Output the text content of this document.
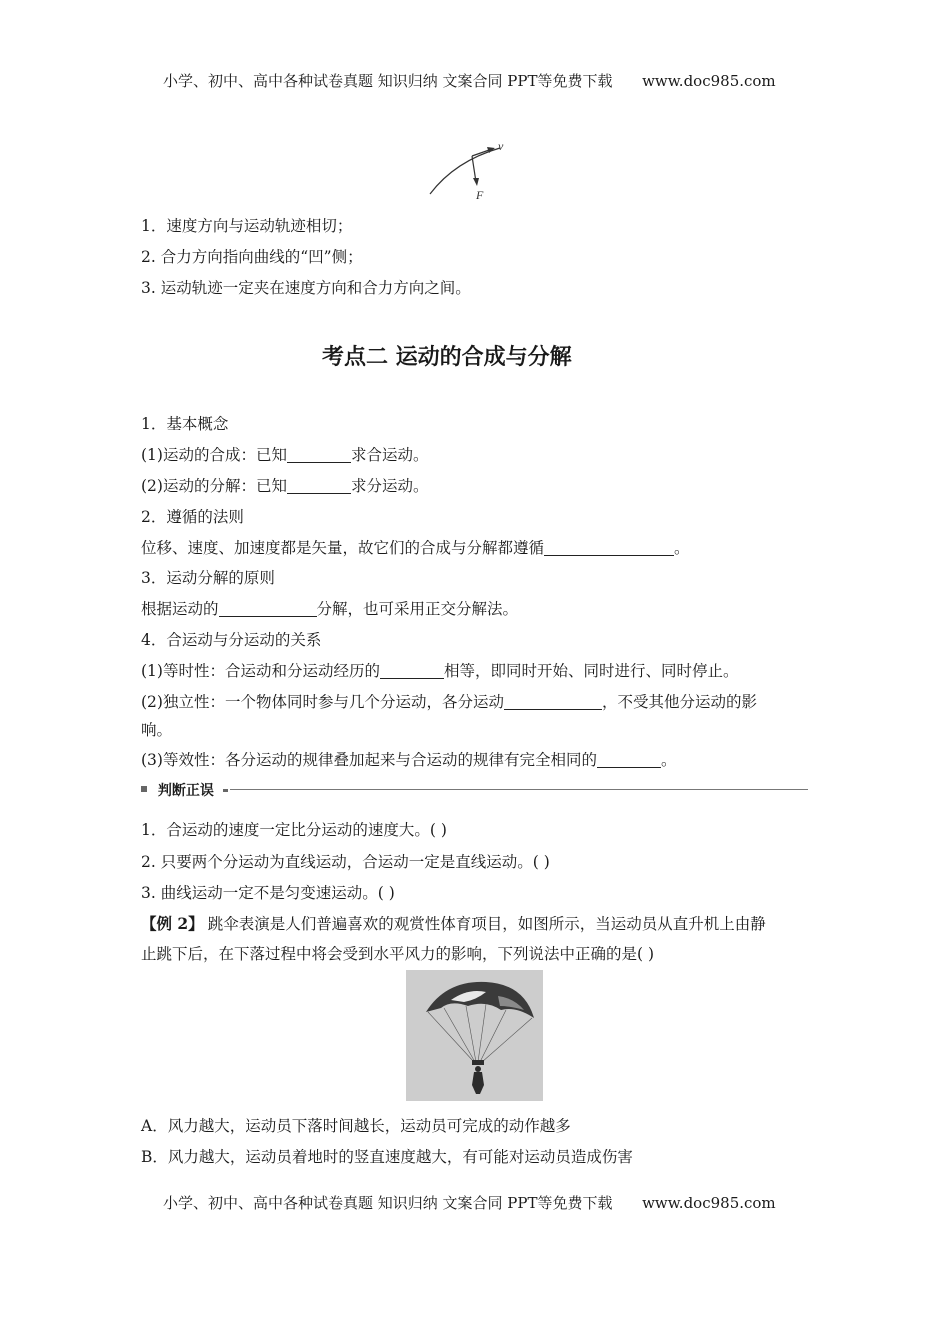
小学、初中、高中各种试卷真题 知识归纳 文案合同 PPT等免费下载 www.doc985.com
v
F
1．速度方向与运动轨迹相切；
2. 合力方向指向曲线的“凹”侧；
3. 运动轨迹一定夹在速度方向和合力方向之间。
考点二 运动的合成与分解
1．基本概念
(1)运动的合成：已知	求合运动。
(2)运动的分解：已知	求分运动。
2．遵循的法则
位移、速度、加速度都是矢量，故它们的合成与分解都遵循	。
3．运动分解的原则
根据运动的	分解，也可采用正交分解法。
4．合运动与分运动的关系
(1)等时性：合运动和分运动经历的	相等，即同时开始、同时进行、同时停止。
(2)独立性：一个物体同时参与几个分运动，各分运动	，不受其他分运动的影
响。
(3)等效性：各分运动的规律叠加起来与合运动的规律有完全相同的	。
判断正误
1．合运动的速度一定比分运动的速度大。( )
2. 只要两个分运动为直线运动，合运动一定是直线运动。( )
3. 曲线运动一定不是匀变速运动。( )
【例 2】 跳伞表演是人们普遍喜欢的观赏性体育项目，如图所示，当运动员从直升机上由静
止跳下后，在下落过程中将会受到水平风力的影响，下列说法中正确的是( )
A．风力越大，运动员下落时间越长，运动员可完成的动作越多
B．风力越大，运动员着地时的竖直速度越大，有可能对运动员造成伤害
小学、初中、高中各种试卷真题 知识归纳 文案合同 PPT等免费下载 www.doc985.com
